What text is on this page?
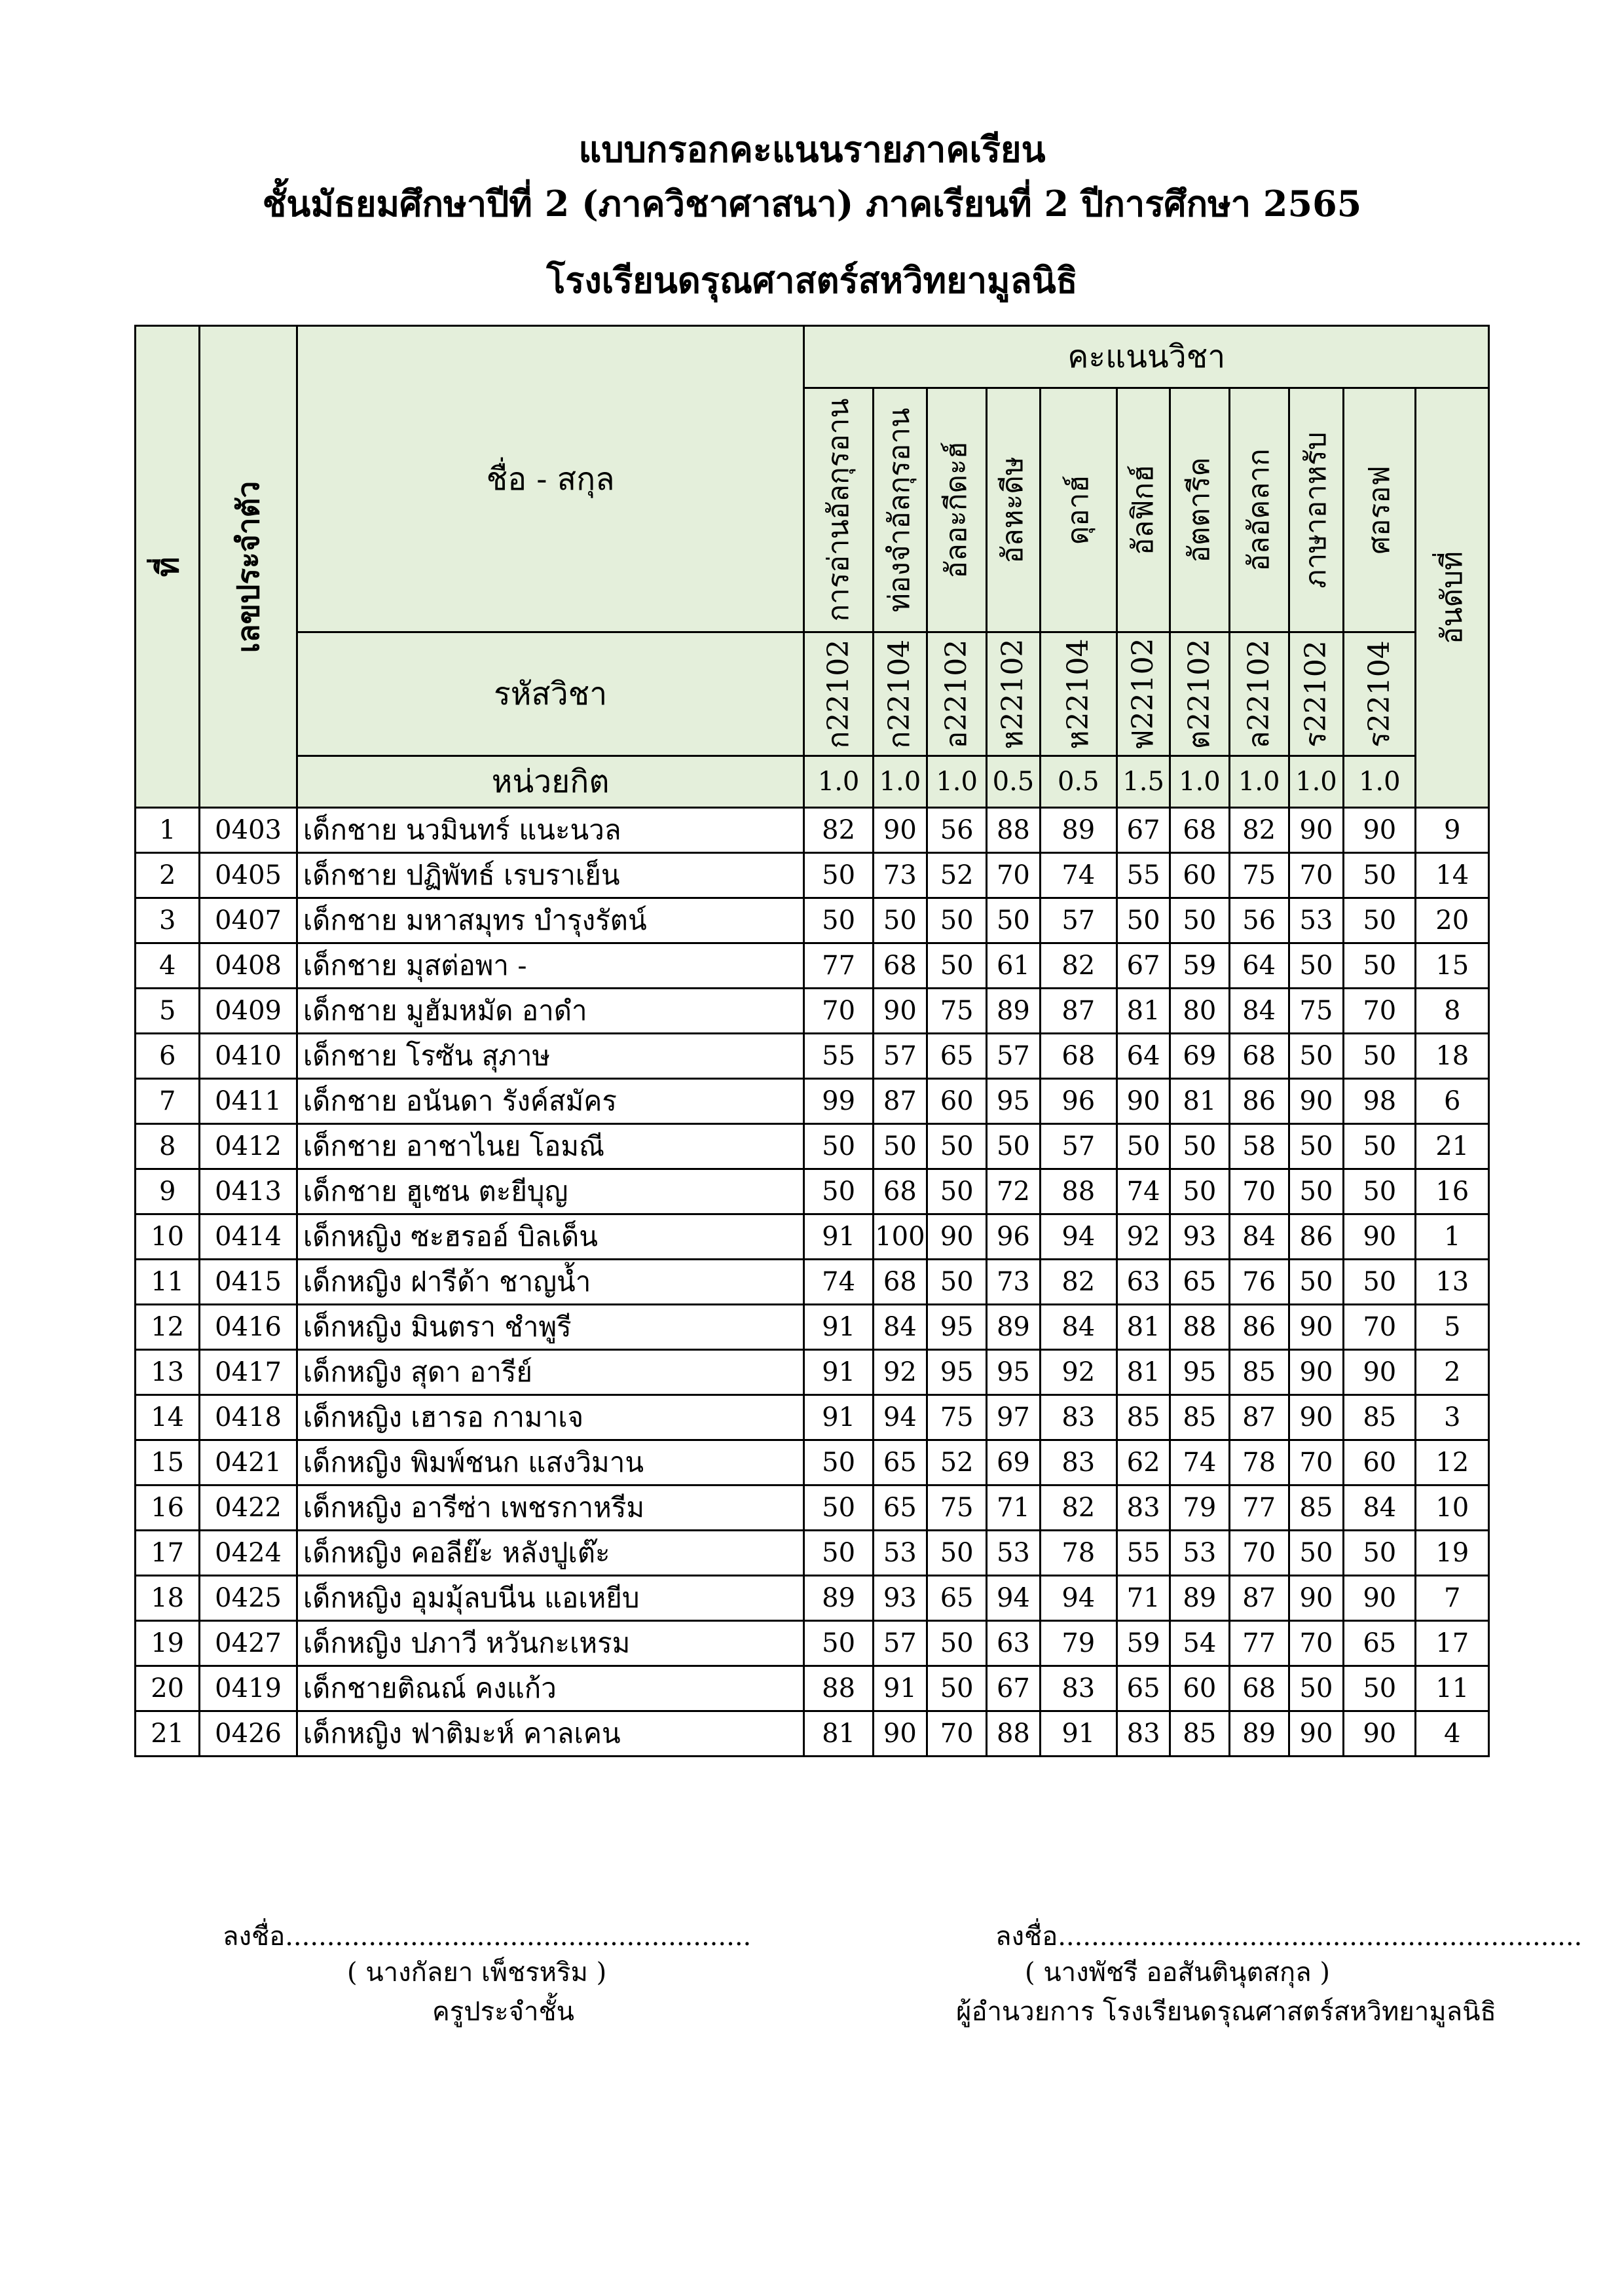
แบบกรอกคะแนนรายภาคเรียน
ชั้นมัธยมศึกษาปีที่ 2 (ภาควิชาศาสนา) ภาคเรียนที่ 2 ปีการศึกษา 2565
โรงเรียนดรุณศาสตร์สหวิทยามูลนิธิ
ที่	เลขประจำตัว	ชื่อ - สกุล	คะแนนวิชา										

			การอ่านอัลกุรอาน	ท่องจำอัลกุรอาน	อัลอะกีดะฮ์	อัลหะดีษ	ดุอาฮ์	อัลฟิกฮ์	อัตตารีค	อัลอัคลาก	ภาษาอาหรับ	ศอรอฟ	อันดับที่

		รหัสวิชา	ก22102	ก22104	อ22102	ห22102	ห22104	ฟ22102	ต22102	ล22102	ร22102	ร22104	

		หน่วยกิต	1.0	1.0	1.0	0.5	0.5	1.5	1.0	1.0	1.0	1.0	
1	0403	เด็กชาย นวมินทร์ แนะนวล	82	90	56	88	89	67	68	82	90	90	9
2	0405	เด็กชาย ปฏิพัทธ์ เรบราเย็น	50	73	52	70	74	55	60	75	70	50	14
3	0407	เด็กชาย มหาสมุทร บำรุงรัตน์	50	50	50	50	57	50	50	56	53	50	20
4	0408	เด็กชาย มุสต่อพา -	77	68	50	61	82	67	59	64	50	50	15
5	0409	เด็กชาย มูฮัมหมัด อาดำ	70	90	75	89	87	81	80	84	75	70	8
6	0410	เด็กชาย โรซัน สุภาษ	55	57	65	57	68	64	69	68	50	50	18
7	0411	เด็กชาย อนันดา รังค์สมัคร	99	87	60	95	96	90	81	86	90	98	6
8	0412	เด็กชาย อาชาไนย โอมณี	50	50	50	50	57	50	50	58	50	50	21
9	0413	เด็กชาย ฮูเซน ตะยีบุญ	50	68	50	72	88	74	50	70	50	50	16
10	0414	เด็กหญิง ซะฮรออ์ บิลเด็น	91	100	90	96	94	92	93	84	86	90	1
11	0415	เด็กหญิง ฝารีด้า ชาญน้ำ	74	68	50	73	82	63	65	76	50	50	13
12	0416	เด็กหญิง มินตรา ชำพูรี	91	84	95	89	84	81	88	86	90	70	5
13	0417	เด็กหญิง สุดา อารีย์	91	92	95	95	92	81	95	85	90	90	2
14	0418	เด็กหญิง เฮารอ กามาเจ	91	94	75	97	83	85	85	87	90	85	3
15	0421	เด็กหญิง พิมพ์ชนก แสงวิมาน	50	65	52	69	83	62	74	78	70	60	12
16	0422	เด็กหญิง อารีซ่า เพชรกาหรีม	50	65	75	71	82	83	79	77	85	84	10
17	0424	เด็กหญิง คอลีย๊ะ หลังปูเต๊ะ	50	53	50	53	78	55	53	70	50	50	19
18	0425	เด็กหญิง อุมมุ้ลบนีน แอเหยีบ	89	93	65	94	94	71	89	87	90	90	7
19	0427	เด็กหญิง ปภาวี หวันกะเหรม	50	57	50	63	79	59	54	77	70	65	17
20	0419	เด็กชายติณณ์ คงแก้ว	88	91	50	67	83	65	60	68	50	50	11
21	0426	เด็กหญิง ฟาติมะห์ คาลเคน	81	90	70	88	91	83	85	89	90	90	4
ลงชื่อ........................................................
( นางกัลยา เพ็ชรหริม )
ครูประจำชั้น
ลงชื่อ...............................................................
( นางพัชรี ออสันตินุตสกุล )
ผู้อำนวยการ โรงเรียนดรุณศาสตร์สหวิทยามูลนิธิ
